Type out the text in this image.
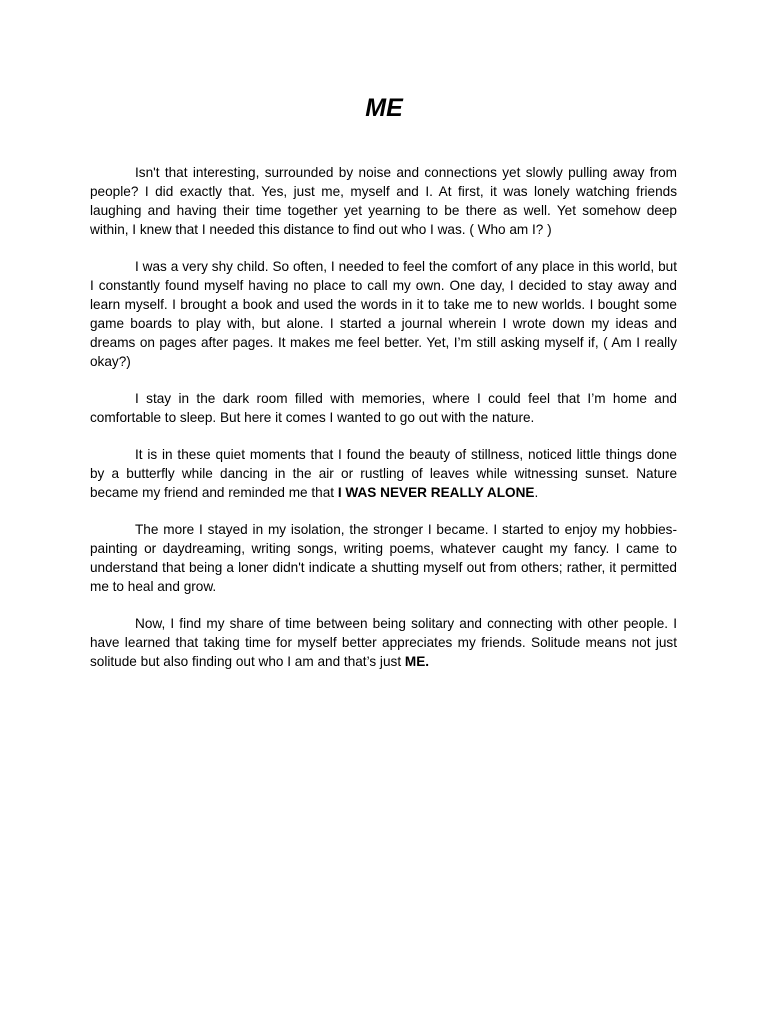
ME

Isn't that interesting, surrounded by noise and connections yet slowly pulling away from people? I did exactly that. Yes, just me, myself and I. At first, it was lonely watching friends laughing and having their time together yet yearning to be there as well. Yet somehow deep within, I knew that I needed this distance to find out who I was. ( Who am I? )

I was a very shy child. So often, I needed to feel the comfort of any place in this world, but I constantly found myself having no place to call my own. One day, I decided to stay away and learn myself. I brought a book and used the words in it to take me to new worlds. I bought some game boards to play with, but alone. I started a journal wherein I wrote down my ideas and dreams on pages after pages. It makes me feel better. Yet, I’m still asking myself if, ( Am I really okay?)

I stay in the dark room filled with memories, where I could feel that I’m home and comfortable to sleep. But here it comes I wanted to go out with the nature.

It is in these quiet moments that I found the beauty of stillness, noticed little things done by a butterfly while dancing in the air or rustling of leaves while witnessing sunset. Nature became my friend and reminded me that I WAS NEVER REALLY ALONE.

The more I stayed in my isolation, the stronger I became. I started to enjoy my hobbies-painting or daydreaming, writing songs, writing poems, whatever caught my fancy. I came to understand that being a loner didn't indicate a shutting myself out from others; rather, it permitted me to heal and grow.

Now, I find my share of time between being solitary and connecting with other people. I have learned that taking time for myself better appreciates my friends. Solitude means not just solitude but also finding out who I am and that’s just ME.
